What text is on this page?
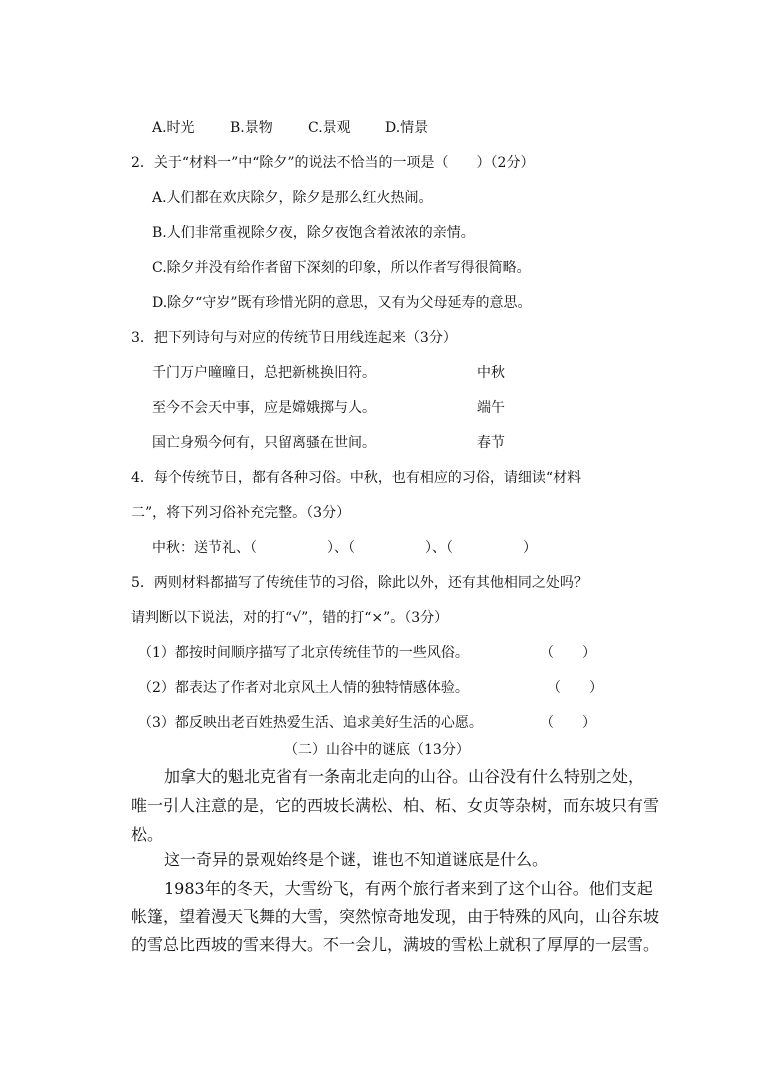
A.时光	B.景物	C.景观 D.情景
2．关于“材料一”中“除夕”的说法不恰当的一项是（　　）（2分）
A.人们都在欢庆除夕，除夕是那么红火热闹。
B.人们非常重视除夕夜，除夕夜饱含着浓浓的亲情。
C.除夕并没有给作者留下深刻的印象，所以作者写得很简略。
D.除夕“守岁”既有珍惜光阴的意思，又有为父母延寿的意思。
3．把下列诗句与对应的传统节日用线连起来（3分）
千门万户曈曈日，总把新桃换旧符。	中秋
至今不会天中事，应是嫦娥掷与人。	端午
国亡身殒今何有，只留离骚在世间。	春节
4．每个传统节日，都有各种习俗。中秋，也有相应的习俗，请细读“材料
二”，将下列习俗补充完整。（3分）
中秋：送节礼、（　　　　　）、（　　　　　）、（　　　　　）
5．两则材料都描写了传统佳节的习俗，除此以外，还有其他相同之处吗？
请判断以下说法，对的打“√”，错的打“×”。（3分）
（1）都按时间顺序描写了北京传统佳节的一些风俗。	（　　）
（2）都表达了作者对北京风土人情的独特情感体验。	（　　）
（3）都反映出老百姓热爱生活、追求美好生活的心愿。	（　　）
（二）山谷中的谜底（13分）
加拿大的魁北克省有一条南北走向的山谷。山谷没有什么特别之处，
唯一引人注意的是，它的西坡长满松、柏、柘、女贞等杂树，而东坡只有雪
松。
这一奇异的景观始终是个谜，谁也不知道谜底是什么。
1983年的冬天，大雪纷飞，有两个旅行者来到了这个山谷。他们支起
帐篷，望着漫天飞舞的大雪，突然惊奇地发现，由于特殊的风向，山谷东坡
的雪总比西坡的雪来得大。不一会儿，满坡的雪松上就积了厚厚的一层雪。
